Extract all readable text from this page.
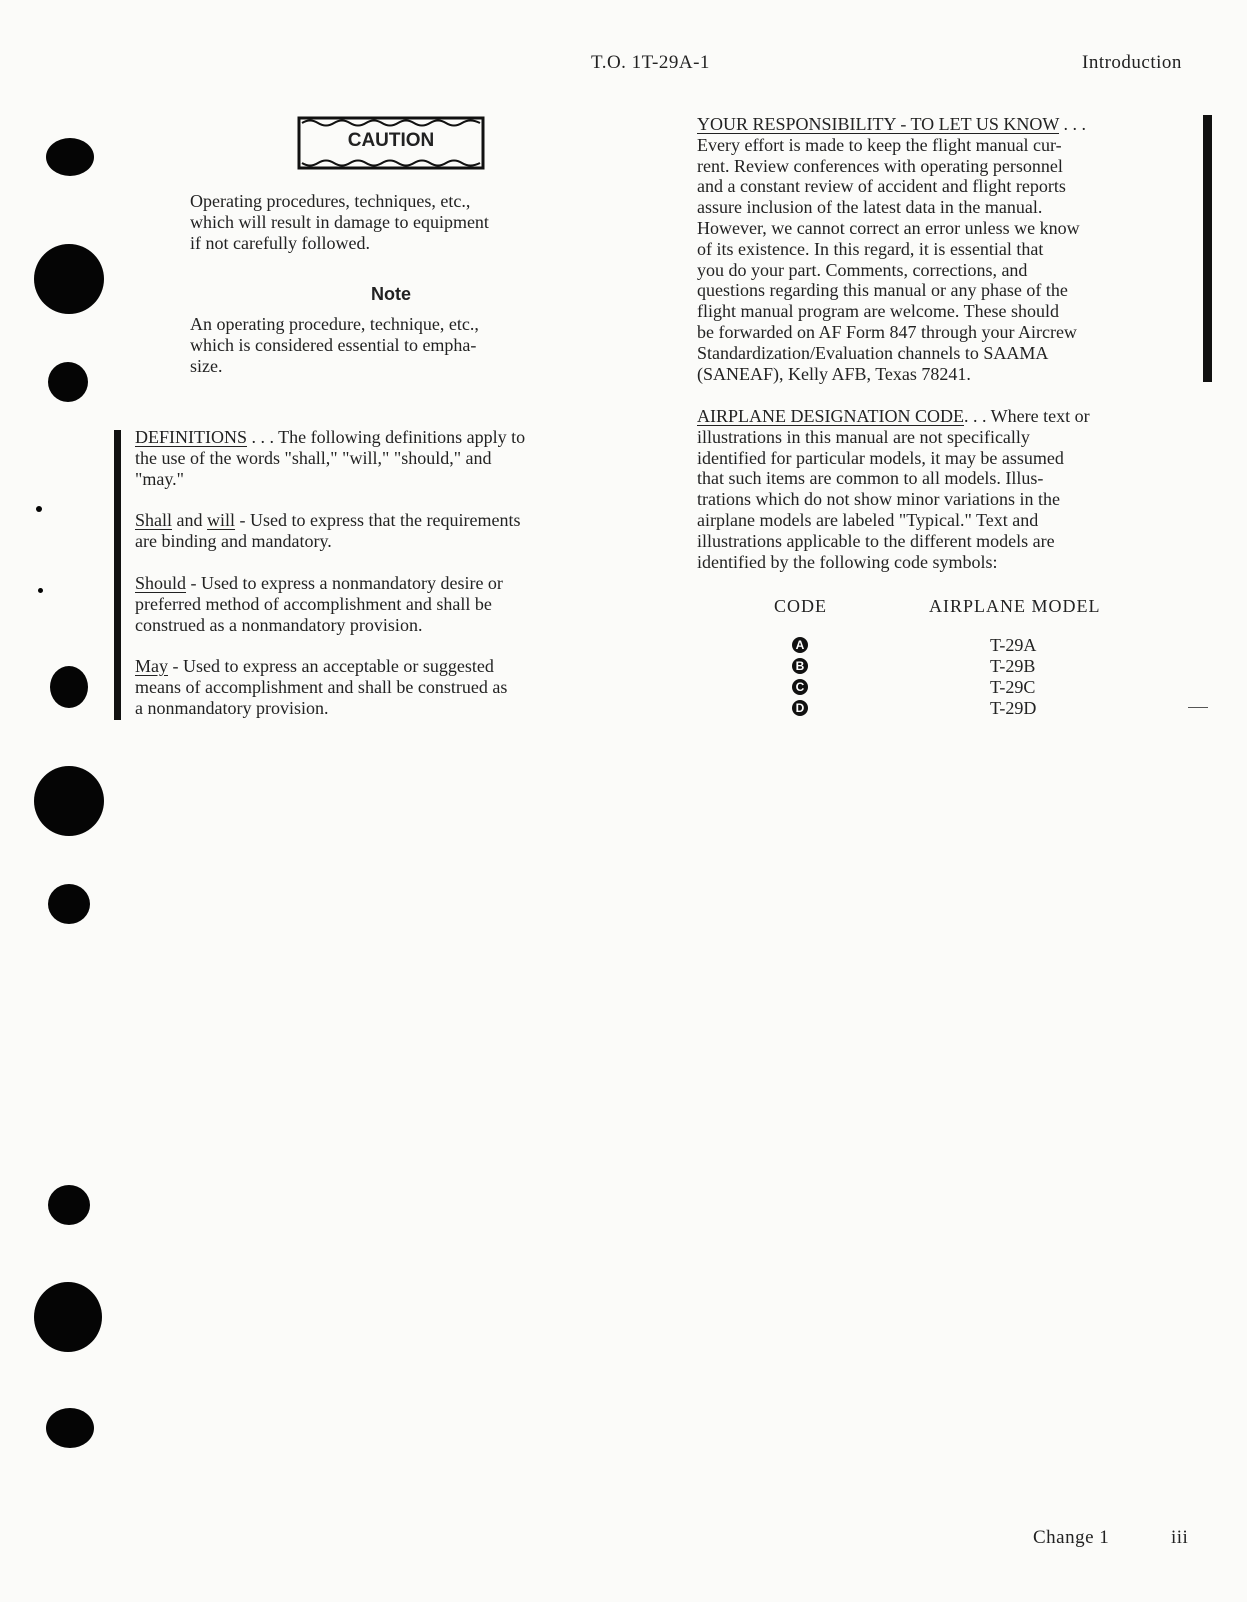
T.O. 1T-29A-1	Introduction
CAUTION
Operating procedures, techniques, etc.,
which will result in damage to equipment
if not carefully followed.
Note
An operating procedure, technique, etc.,
which is considered essential to empha-
size.
DEFINITIONS . . . The following definitions apply to
the use of the words "shall," "will," "should," and
"may."
Shall and will - Used to express that the requirements
are binding and mandatory.
Should - Used to express a nonmandatory desire or
preferred method of accomplishment and shall be
construed as a nonmandatory provision.
May - Used to express an acceptable or suggested
means of accomplishment and shall be construed as
a nonmandatory provision.
YOUR RESPONSIBILITY - TO LET US KNOW . . .
Every effort is made to keep the flight manual cur-
rent. Review conferences with operating personnel
and a constant review of accident and flight reports
assure inclusion of the latest data in the manual.
However, we cannot correct an error unless we know
of its existence. In this regard, it is essential that
you do your part. Comments, corrections, and
questions regarding this manual or any phase of the
flight manual program are welcome. These should
be forwarded on AF Form 847 through your Aircrew
Standardization/Evaluation channels to SAAMA
(SANEAF), Kelly AFB, Texas 78241.
AIRPLANE DESIGNATION CODE. . . Where text or
illustrations in this manual are not specifically
identified for particular models, it may be assumed
that such items are common to all models. Illus-
trations which do not show minor variations in the
airplane models are labeled "Typical." Text and
illustrations applicable to the different models are
identified by the following code symbols:
CODE	AIRPLANE MODEL
A	T-29A
B	T-29B
C	T-29C
D	T-29D
Change 1	iii
